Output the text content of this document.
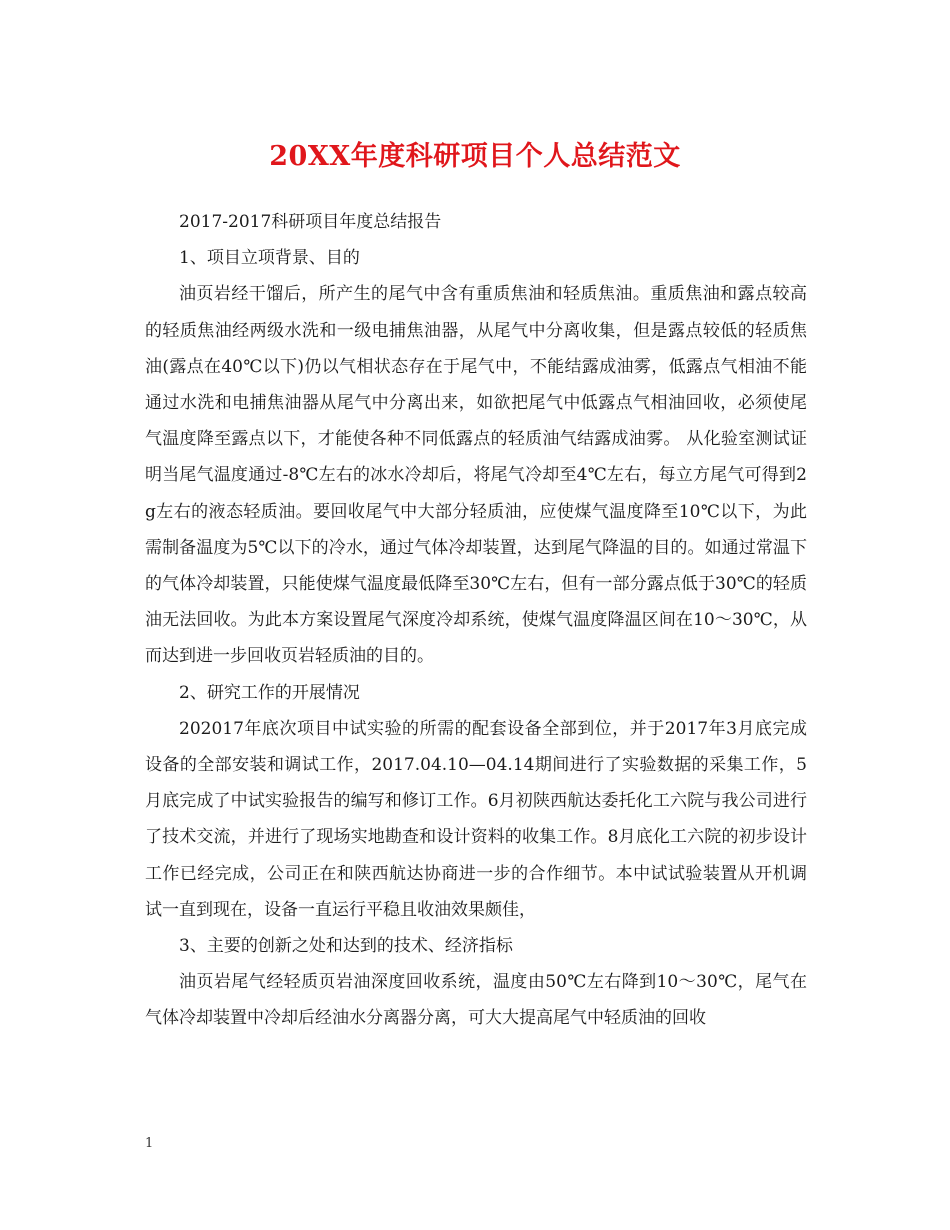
20XX年度科研项目个人总结范文

2017-2017科研项目年度总结报告

1、项目立项背景、目的

油页岩经干馏后，所产生的尾气中含有重质焦油和轻质焦油。重质焦油和露点较高的轻质焦油经两级水洗和一级电捕焦油器，从尾气中分离收集，但是露点较低的轻质焦油(露点在40℃以下)仍以气相状态存在于尾气中，不能结露成油雾，低露点气相油不能通过水洗和电捕焦油器从尾气中分离出来，如欲把尾气中低露点气相油回收，必须使尾气温度降至露点以下，才能使各种不同低露点的轻质油气结露成油雾。 从化验室测试证明当尾气温度通过-8℃左右的冰水冷却后，将尾气冷却至4℃左右，每立方尾气可得到2 g左右的液态轻质油。要回收尾气中大部分轻质油，应使煤气温度降至10℃以下，为此需制备温度为5℃以下的冷水，通过气体冷却装置，达到尾气降温的目的。如通过常温下的气体冷却装置，只能使煤气温度最低降至30℃左右，但有一部分露点低于30℃的轻质油无法回收。为此本方案设置尾气深度冷却系统，使煤气温度降温区间在10～30℃，从而达到进一步回收页岩轻质油的目的。

2、研究工作的开展情况

202017年底次项目中试实验的所需的配套设备全部到位，并于2017年3月底完成设备的全部安装和调试工作，2017.04.10—04.14期间进行了实验数据的采集工作，5月底完成了中试实验报告的编写和修订工作。6月初陕西航达委托化工六院与我公司进行了技术交流，并进行了现场实地勘查和设计资料的收集工作。8月底化工六院的初步设计工作已经完成，公司正在和陕西航达协商进一步的合作细节。本中试试验装置从开机调试一直到现在，设备一直运行平稳且收油效果颇佳，

3、主要的创新之处和达到的技术、经济指标

油页岩尾气经轻质页岩油深度回收系统，温度由50℃左右降到10～30℃，尾气在气体冷却装置中冷却后经油水分离器分离，可大大提高尾气中轻质油的回收

1
